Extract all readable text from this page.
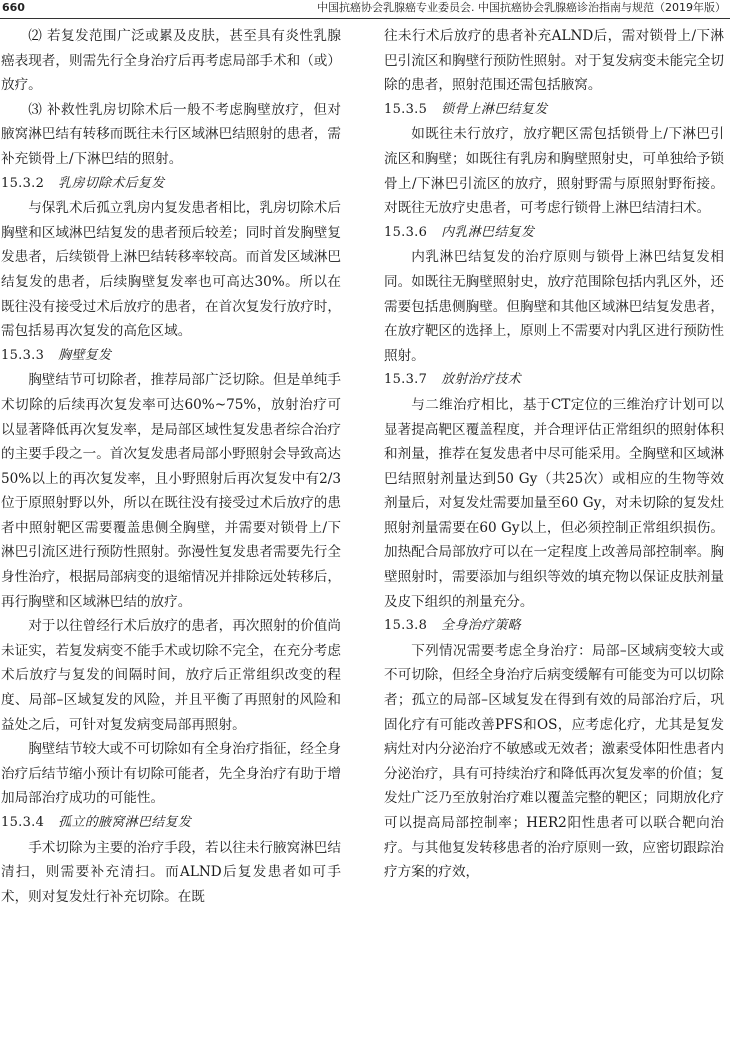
660	中国抗癌协会乳腺癌专业委员会. 中国抗癌协会乳腺癌诊治指南与规范（2019年版）

⑵ 若复发范围广泛或累及皮肤，甚至具有炎性乳腺癌表现者，则需先行全身治疗后再考虑局部手术和（或）放疗。

⑶ 补救性乳房切除术后一般不考虑胸壁放疗，但对腋窝淋巴结有转移而既往未行区域淋巴结照射的患者，需补充锁骨上/下淋巴结的照射。

15.3.2 乳房切除术后复发

与保乳术后孤立乳房内复发患者相比，乳房切除术后胸壁和区域淋巴结复发的患者预后较差；同时首发胸壁复发患者，后续锁骨上淋巴结转移率较高。而首发区域淋巴结复发的患者，后续胸壁复发率也可高达30%。所以在既往没有接受过术后放疗的患者，在首次复发行放疗时，需包括易再次复发的高危区域。

15.3.3 胸壁复发

胸壁结节可切除者，推荐局部广泛切除。但是单纯手术切除的后续再次复发率可达60%~75%，放射治疗可以显著降低再次复发率，是局部区域性复发患者综合治疗的主要手段之一。首次复发患者局部小野照射会导致高达50%以上的再次复发率，且小野照射后再次复发中有2/3位于原照射野以外，所以在既往没有接受过术后放疗的患者中照射靶区需要覆盖患侧全胸壁，并需要对锁骨上/下淋巴引流区进行预防性照射。弥漫性复发患者需要先行全身性治疗，根据局部病变的退缩情况并排除远处转移后，再行胸壁和区域淋巴结的放疗。

对于以往曾经行术后放疗的患者，再次照射的价值尚未证实，若复发病变不能手术或切除不完全，在充分考虑术后放疗与复发的间隔时间，放疗后正常组织改变的程度、局部–区域复发的风险，并且平衡了再照射的风险和益处之后，可针对复发病变局部再照射。

胸壁结节较大或不可切除如有全身治疗指征，经全身治疗后结节缩小预计有切除可能者，先全身治疗有助于增加局部治疗成功的可能性。

15.3.4 孤立的腋窝淋巴结复发

手术切除为主要的治疗手段，若以往未行腋窝淋巴结清扫，则需要补充清扫。而ALND后复发患者如可手术，则对复发灶行补充切除。在既

往未行术后放疗的患者补充ALND后，需对锁骨上/下淋巴引流区和胸壁行预防性照射。对于复发病变未能完全切除的患者，照射范围还需包括腋窝。

15.3.5 锁骨上淋巴结复发

如既往未行放疗，放疗靶区需包括锁骨上/下淋巴引流区和胸壁；如既往有乳房和胸壁照射史，可单独给予锁骨上/下淋巴引流区的放疗，照射野需与原照射野衔接。对既往无放疗史患者，可考虑行锁骨上淋巴结清扫术。

15.3.6 内乳淋巴结复发

内乳淋巴结复发的治疗原则与锁骨上淋巴结复发相同。如既往无胸壁照射史，放疗范围除包括内乳区外，还需要包括患侧胸壁。但胸壁和其他区域淋巴结复发患者，在放疗靶区的选择上，原则上不需要对内乳区进行预防性照射。

15.3.7 放射治疗技术

与二维治疗相比，基于CT定位的三维治疗计划可以显著提高靶区覆盖程度，并合理评估正常组织的照射体积和剂量，推荐在复发患者中尽可能采用。全胸壁和区域淋巴结照射剂量达到50 Gy（共25次）或相应的生物等效剂量后，对复发灶需要加量至60 Gy，对未切除的复发灶照射剂量需要在60 Gy以上，但必须控制正常组织损伤。加热配合局部放疗可以在一定程度上改善局部控制率。胸壁照射时，需要添加与组织等效的填充物以保证皮肤剂量及皮下组织的剂量充分。

15.3.8 全身治疗策略

下列情况需要考虑全身治疗：局部–区域病变较大或不可切除，但经全身治疗后病变缓解有可能变为可以切除者；孤立的局部–区域复发在得到有效的局部治疗后，巩固化疗有可能改善PFS和OS，应考虑化疗，尤其是复发病灶对内分泌治疗不敏感或无效者；激素受体阳性患者内分泌治疗，具有可持续治疗和降低再次复发率的价值；复发灶广泛乃至放射治疗难以覆盖完整的靶区；同期放化疗可以提高局部控制率；HER2阳性患者可以联合靶向治疗。与其他复发转移患者的治疗原则一致，应密切跟踪治疗方案的疗效，
